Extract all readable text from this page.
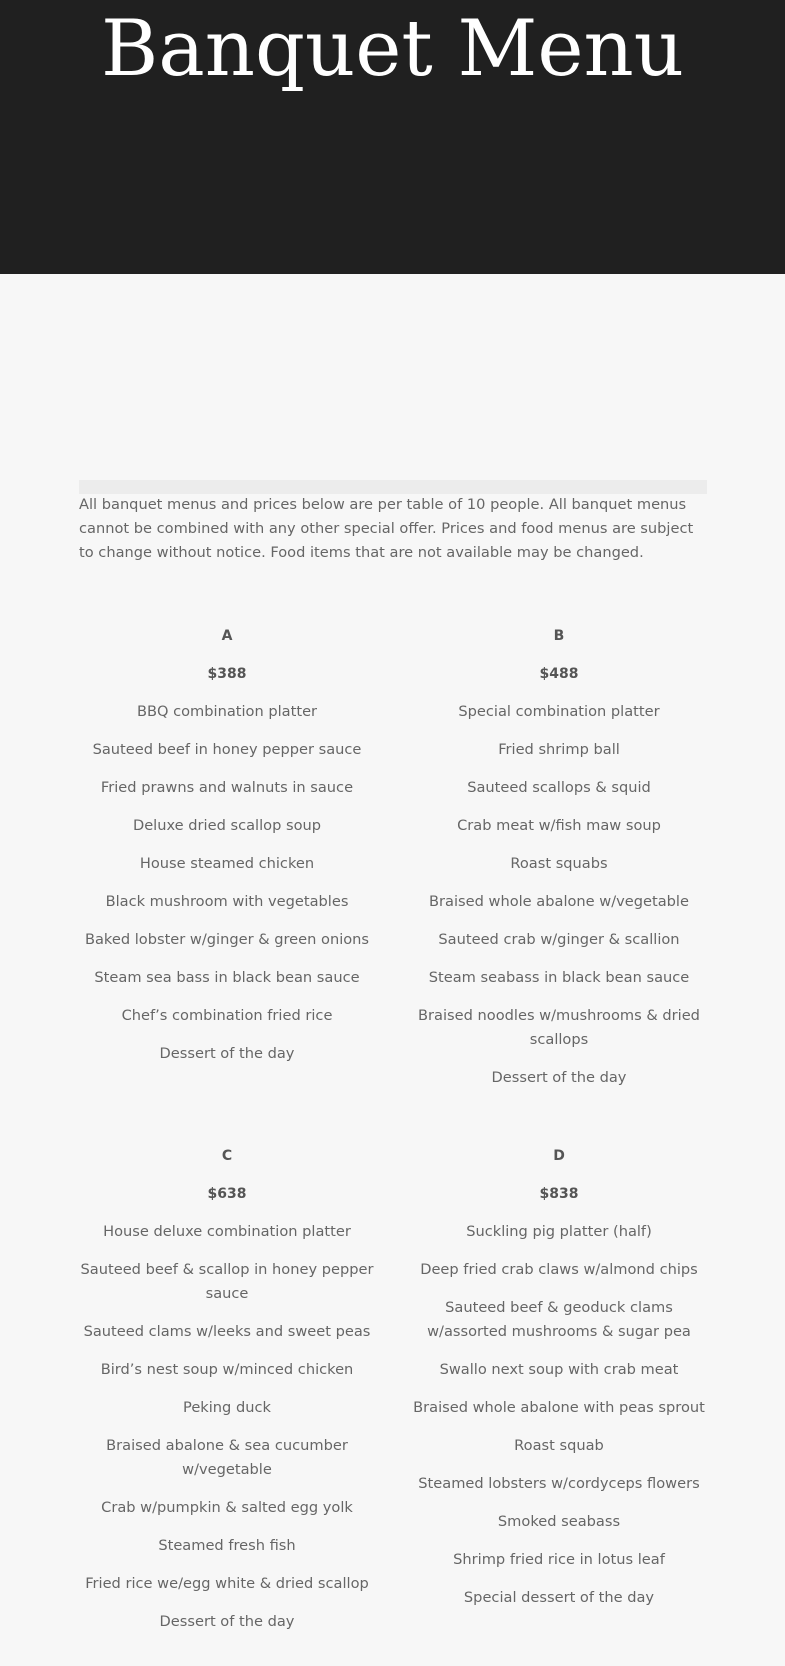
Banquet Menu

All banquet menus and prices below are per table of 10 people. All banquet menus cannot be combined with any other special offer. Prices and food menus are subject to change without notice. Food items that are not available may be changed.

A
$388
BBQ combination platter
Sauteed beef in honey pepper sauce
Fried prawns and walnuts in sauce
Deluxe dried scallop soup
House steamed chicken
Black mushroom with vegetables
Baked lobster w/ginger & green onions
Steam sea bass in black bean sauce
Chef’s combination fried rice
Dessert of the day
B
$488
Special combination platter
Fried shrimp ball
Sauteed scallops & squid
Crab meat w/fish maw soup
Roast squabs
Braised whole abalone w/vegetable
Sauteed crab w/ginger & scallion
Steam seabass in black bean sauce
Braised noodles w/mushrooms & dried scallops
Dessert of the day
C
$638
House deluxe combination platter
Sauteed beef & scallop in honey pepper sauce
Sauteed clams w/leeks and sweet peas
Bird’s nest soup w/minced chicken
Peking duck
Braised abalone & sea cucumber w/vegetable
Crab w/pumpkin & salted egg yolk
Steamed fresh fish
Fried rice we/egg white & dried scallop
Dessert of the day
D
$838
Suckling pig platter (half)
Deep fried crab claws w/almond chips
Sauteed beef & geoduck clams w/assorted mushrooms & sugar pea
Swallo next soup with crab meat
Braised whole abalone with peas sprout
Roast squab
Steamed lobsters w/cordyceps flowers
Smoked seabass
Shrimp fried rice in lotus leaf
Special dessert of the day
